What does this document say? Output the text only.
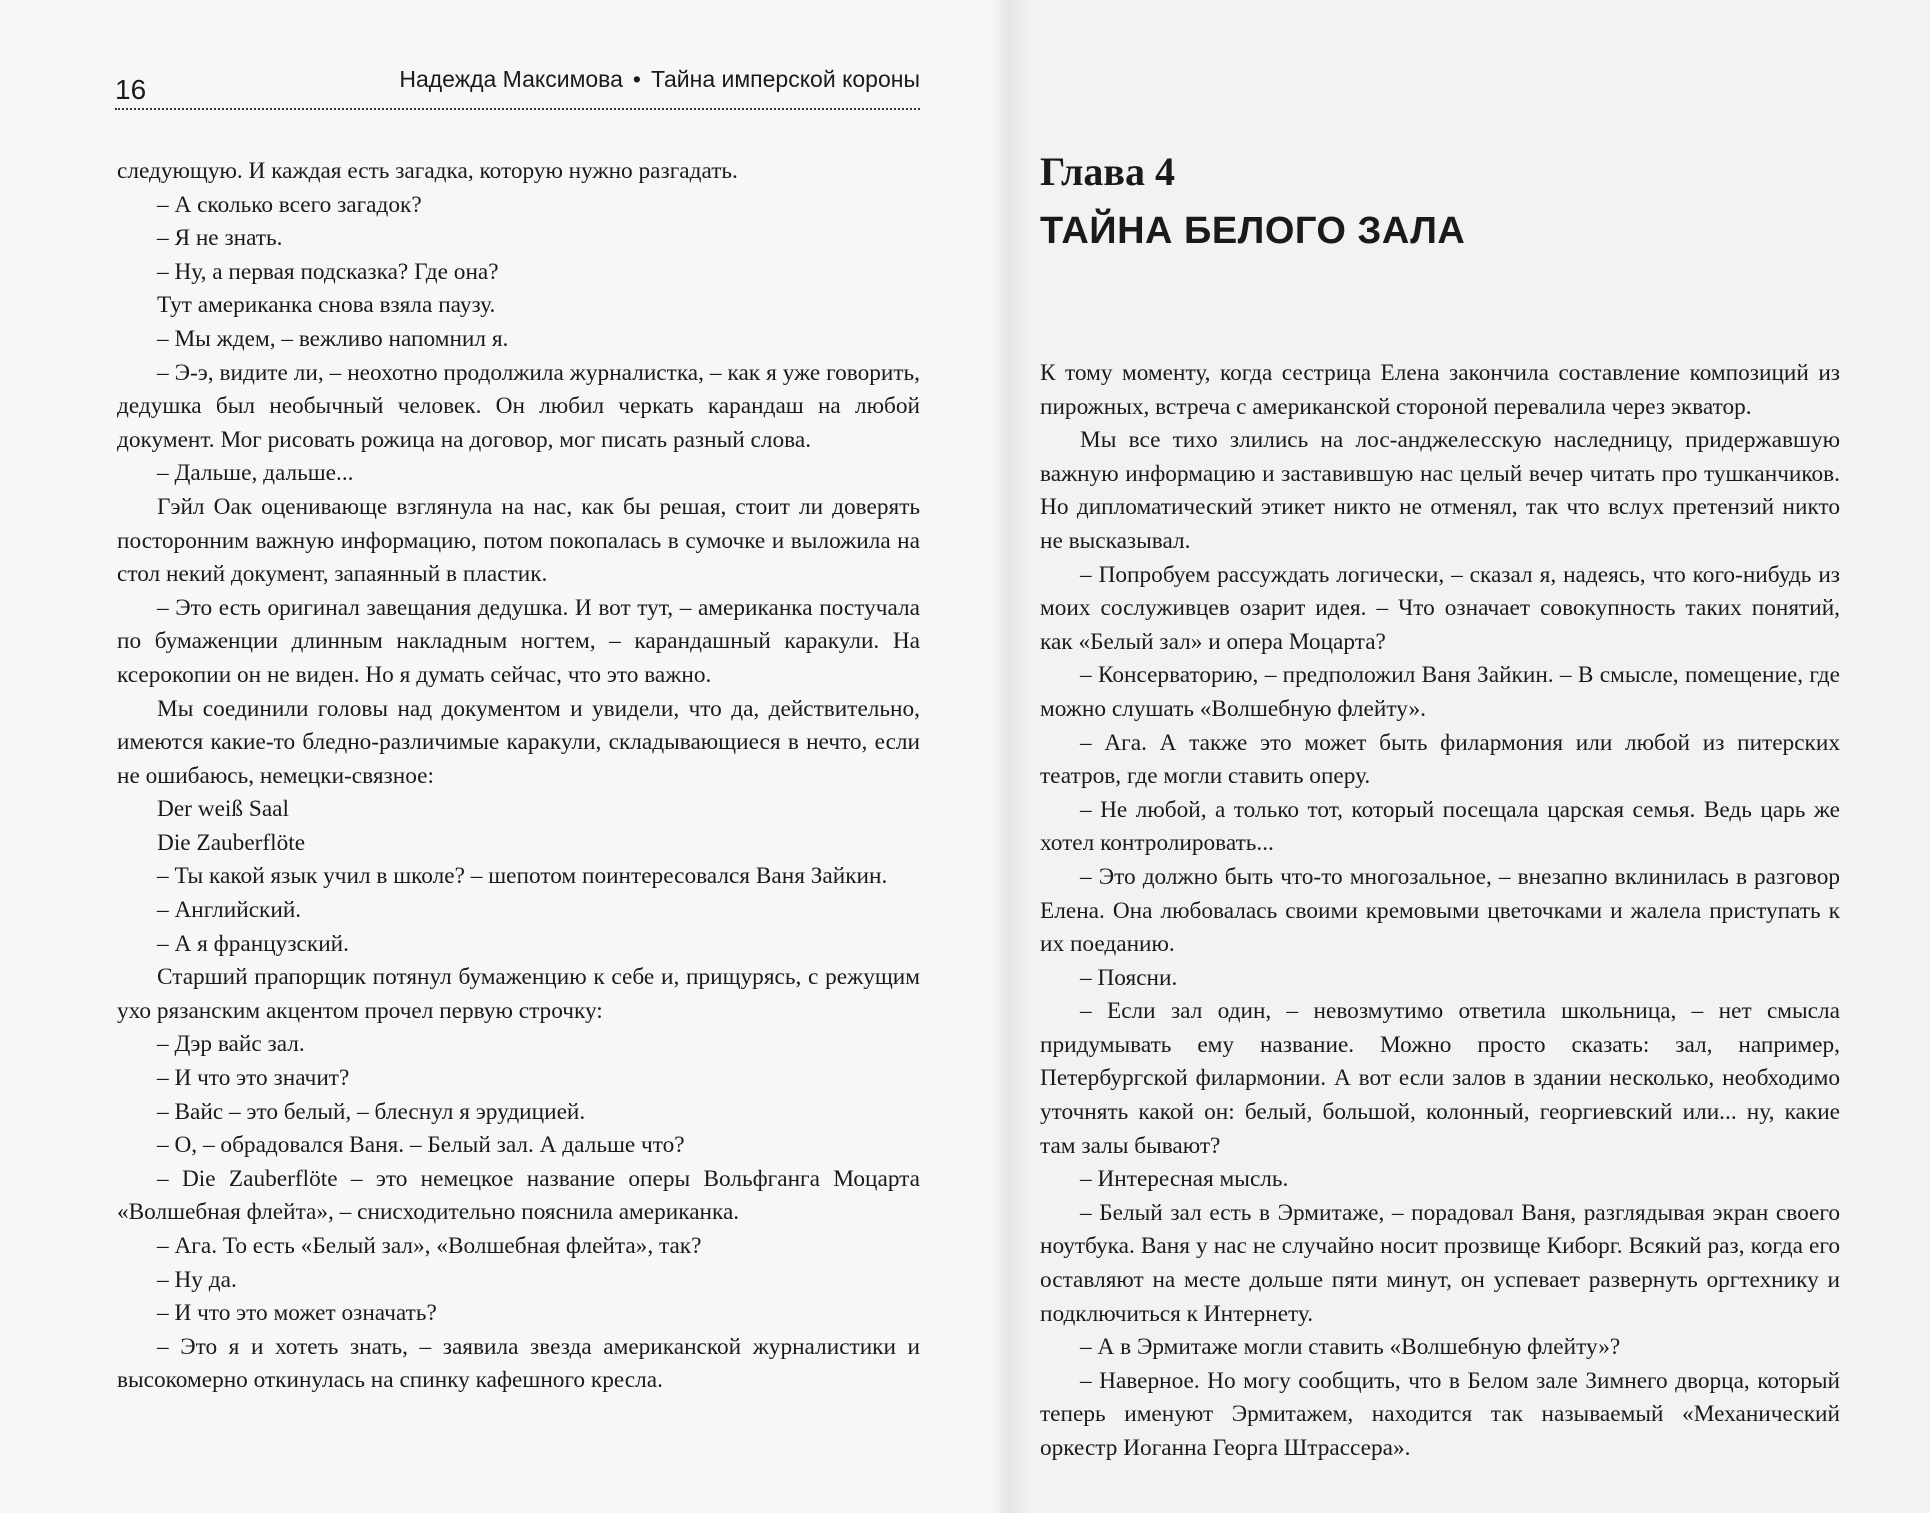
16	Надежда Максимова • Тайна имперской короны

следующую. И каждая есть загадка, которую нужно разгадать.

– А сколько всего загадок?

– Я не знать.

– Ну, а первая подсказка? Где она?

Тут американка снова взяла паузу.

– Мы ждем, – вежливо напомнил я.

– Э-э, видите ли, – неохотно продолжила журналистка, – как я уже говорить, дедушка был необычный человек. Он любил черкать карандаш на любой документ. Мог рисовать рожица на договор, мог писать разный слова.

– Дальше, дальше...

Гэйл Оак оценивающе взглянула на нас, как бы решая, стоит ли доверять посторонним важную информацию, потом покопалась в сумочке и выложила на стол некий документ, запаянный в пластик.

– Это есть оригинал завещания дедушка. И вот тут, – американка постучала по бумаженции длинным накладным ногтем, – карандашный каракули. На ксерокопии он не виден. Но я думать сейчас, что это важно.

Мы соединили головы над документом и увидели, что да, действительно, имеются какие-то бледно-различимые каракули, складывающиеся в нечто, если не ошибаюсь, немецки-связное:

Der weiß Saal

Die Zauberflöte

– Ты какой язык учил в школе? – шепотом поинтересовался Ваня Зайкин.

– Английский.

– А я французский.

Старший прапорщик потянул бумаженцию к себе и, прищурясь, с режущим ухо рязанским акцентом прочел первую строчку:

– Дэр вайс зал.

– И что это значит?

– Вайс – это белый, – блеснул я эрудицией.

– О, – обрадовался Ваня. – Белый зал. А дальше что?

– Die Zauberflöte – это немецкое название оперы Вольфганга Моцарта «Волшебная флейта», – снисходительно пояснила американка.

– Ага. То есть «Белый зал», «Волшебная флейта», так?

– Ну да.

– И что это может означать?

– Это я и хотеть знать, – заявила звезда американской журналистики и высокомерно откинулась на спинку кафешного кресла.

Глава 4
ТАЙНА БЕЛОГО ЗАЛА

К тому моменту, когда сестрица Елена закончила составление композиций из пирожных, встреча с американской стороной перевалила через экватор.

Мы все тихо злились на лос-анджелесскую наследницу, придержавшую важную информацию и заставившую нас целый вечер читать про тушканчиков. Но дипломатический этикет никто не отменял, так что вслух претензий никто не высказывал.

– Попробуем рассуждать логически, – сказал я, надеясь, что кого-нибудь из моих сослуживцев озарит идея. – Что означает совокупность таких понятий, как «Белый зал» и опера Моцарта?

– Консерваторию, – предположил Ваня Зайкин. – В смысле, помещение, где можно слушать «Волшебную флейту».

– Ага. А также это может быть филармония или любой из питерских театров, где могли ставить оперу.

– Не любой, а только тот, который посещала царская семья. Ведь царь же хотел контролировать...

– Это должно быть что-то многозальное, – внезапно вклинилась в разговор Елена. Она любовалась своими кремовыми цветочками и жалела приступать к их поеданию.

– Поясни.

– Если зал один, – невозмутимо ответила школьница, – нет смысла придумывать ему название. Можно просто сказать: зал, например, Петербургской филармонии. А вот если залов в здании несколько, необходимо уточнять какой он: белый, большой, колонный, георгиевский или... ну, какие там залы бывают?

– Интересная мысль.

– Белый зал есть в Эрмитаже, – порадовал Ваня, разглядывая экран своего ноутбука. Ваня у нас не случайно носит прозвище Киборг. Всякий раз, когда его оставляют на месте дольше пяти минут, он успевает развернуть оргтехнику и подключиться к Интернету.

– А в Эрмитаже могли ставить «Волшебную флейту»?

– Наверное. Но могу сообщить, что в Белом зале Зимнего дворца, который теперь именуют Эрмитажем, находится так называемый «Механический оркестр Иоганна Георга Штрассера».
